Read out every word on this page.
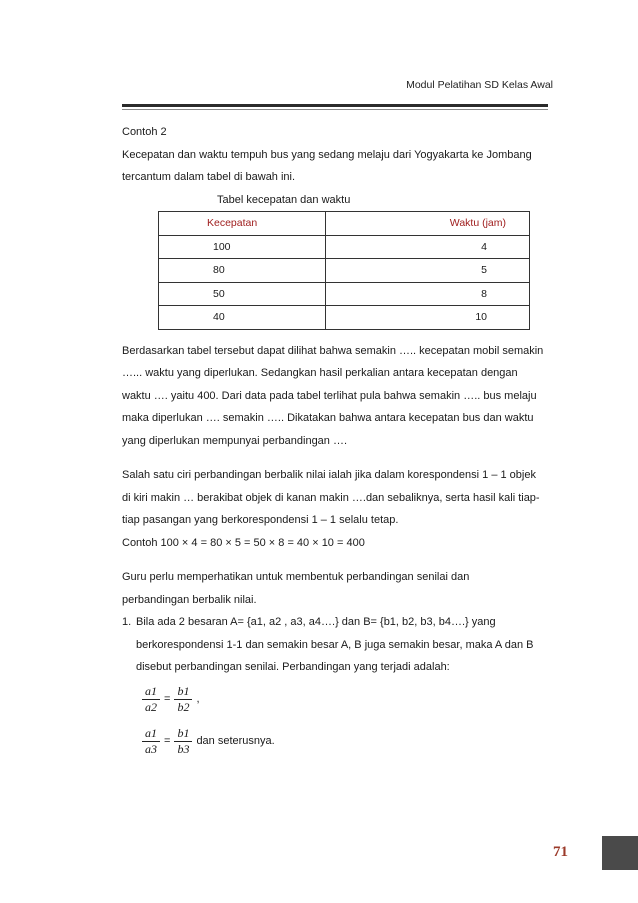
Modul Pelatihan SD Kelas Awal

Contoh 2

Kecepatan dan waktu tempuh bus yang sedang melaju dari Yogyakarta ke Jombang

tercantum dalam tabel di bawah ini.

Tabel kecepatan dan waktu

Kecepatan	Waktu (jam)
100	4
80	5
50	8
40	10

Berdasarkan tabel tersebut dapat dilihat bahwa semakin ….. kecepatan mobil semakin

…... waktu yang diperlukan. Sedangkan hasil perkalian antara kecepatan dengan

waktu …. yaitu 400. Dari data pada tabel terlihat pula bahwa semakin ….. bus melaju

maka diperlukan …. semakin ….. Dikatakan bahwa antara kecepatan bus dan waktu

yang diperlukan mempunyai perbandingan ….

Salah satu ciri perbandingan berbalik nilai ialah jika dalam korespondensi 1 – 1 objek

di kiri makin … berakibat objek di kanan makin ….dan sebaliknya, serta hasil kali tiap-

tiap pasangan yang berkorespondensi 1 – 1 selalu tetap.

Contoh 100 × 4 = 80 × 5 = 50 × 8 = 40 × 10 = 400

Guru perlu memperhatikan untuk membentuk perbandingan senilai dan

perbandingan berbalik nilai.

1. Bila ada 2 besaran A= {a1, a2 , a3, a4….} dan B= {b1, b2, b3, b4….} yang

berkorespondensi 1-1 dan semakin besar A, B juga semakin besar, maka A dan B

disebut perbandingan senilai. Perbandingan yang terjadi adalah:

$\frac{a1}{a2} = \frac{b1}{b2}$ ,
$\frac{a1}{a3} = \frac{b1}{b3}$ dan seterusnya.
71
